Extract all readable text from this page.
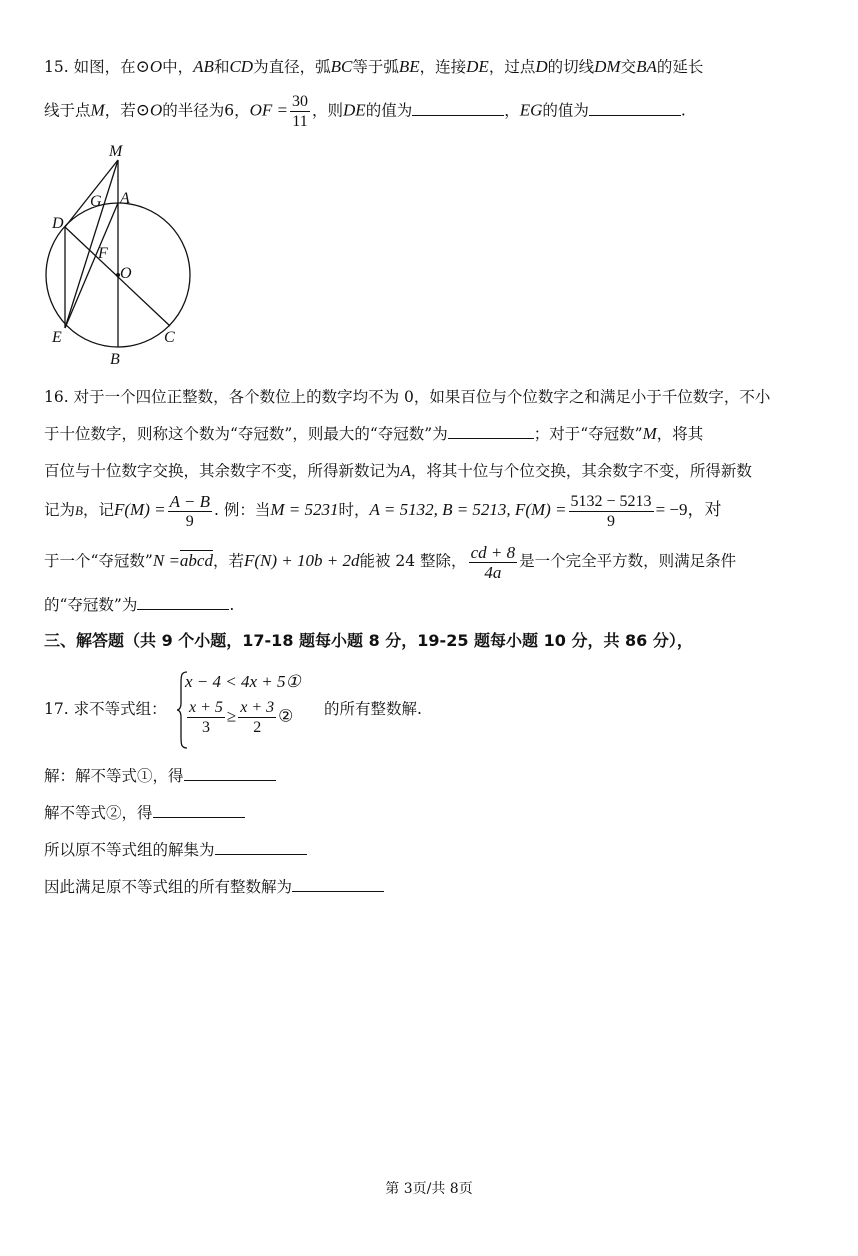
15. 如图，在⊙O中，AB和CD为直径，弧BC等于弧BE，连接DE，过点D的切线DM交BA的延长
线于点M，若⊙O的半径为6，OF = $\frac{30}{11}$ ，则DE的值为	，EG的值为	.
M
G A
D
F
O
E	C
B
16. 对于一个四位正整数，各个数位上的数字均不为 0，如果百位与个位数字之和满足小于千位数字，不小
于十位数字，则称这个数为“夺冠数”，则最大的“夺冠数”为	；对于“夺冠数”M，将其
百位与十位数字交换，其余数字不变，所得新数记为A，将其十位与个位交换，其余数字不变，所得新数
记为B，记$F(M) = \frac{A - B}{9}$ . 例：当M = 5231时，A = 5132, B = 5213, $F(M) = \frac{5132 - 5213}{9} = -9$，对
于一个“夺冠数”N =abcd，若F(N) + 10b + 2d能被 24 整除， $\frac{cd + 8}{4a}$ 是一个完全平方数，则满足条件
的“夺冠数”为	.
三、解答题（共 9 个小题，17-18 题每小题 8 分，19-25 题每小题 10 分，共 86 分），
17. 求不等式组：
x − 4 < 4x + 5①
$\frac{x + 5}{3} \ge \frac{x + 3}{2}$ ② 的所有整数解.
解：解不等式①，得
解不等式②，得
所以原不等式组的解集为
因此满足原不等式组的所有整数解为
第 3页/共 8页
